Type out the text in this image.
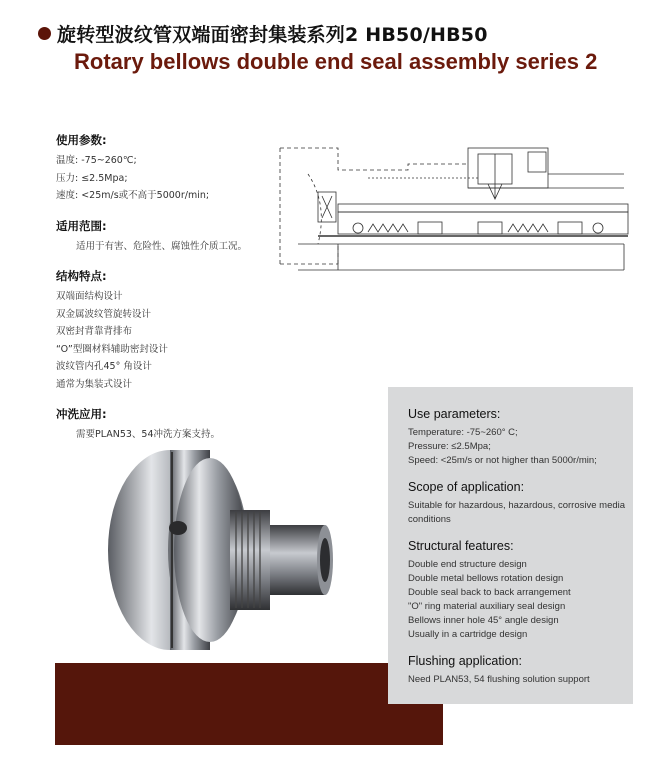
旋转型波纹管双端面密封集装系列2 HB50/HB50
Rotary bellows double end seal assembly series 2
使用参数:
温度: -75~260℃;
压力: ≤2.5Mpa;
速度: <25m/s或不高于5000r/min;
适用范围:
适用于有害、危险性、腐蚀性介质工况。
结构特点:
双端面结构设计
双金属波纹管旋转设计
双密封背靠背排布
“O”型圈材料辅助密封设计
波纹管内孔45° 角设计
通常为集装式设计
冲洗应用:
需要PLAN53、54冲洗方案支持。
Use parameters:
Temperature: -75~260° C;
Pressure: ≤2.5Mpa;
Speed: <25m/s or not higher than 5000r/min;
Scope of application:
Suitable for hazardous, hazardous, corrosive media conditions
Structural features:
Double end structure design
Double metal bellows rotation design
Double seal back to back arrangement
"O" ring material auxiliary seal design
Bellows inner hole 45° angle design
Usually in a cartridge design
Flushing application:
Need PLAN53, 54 flushing solution support
